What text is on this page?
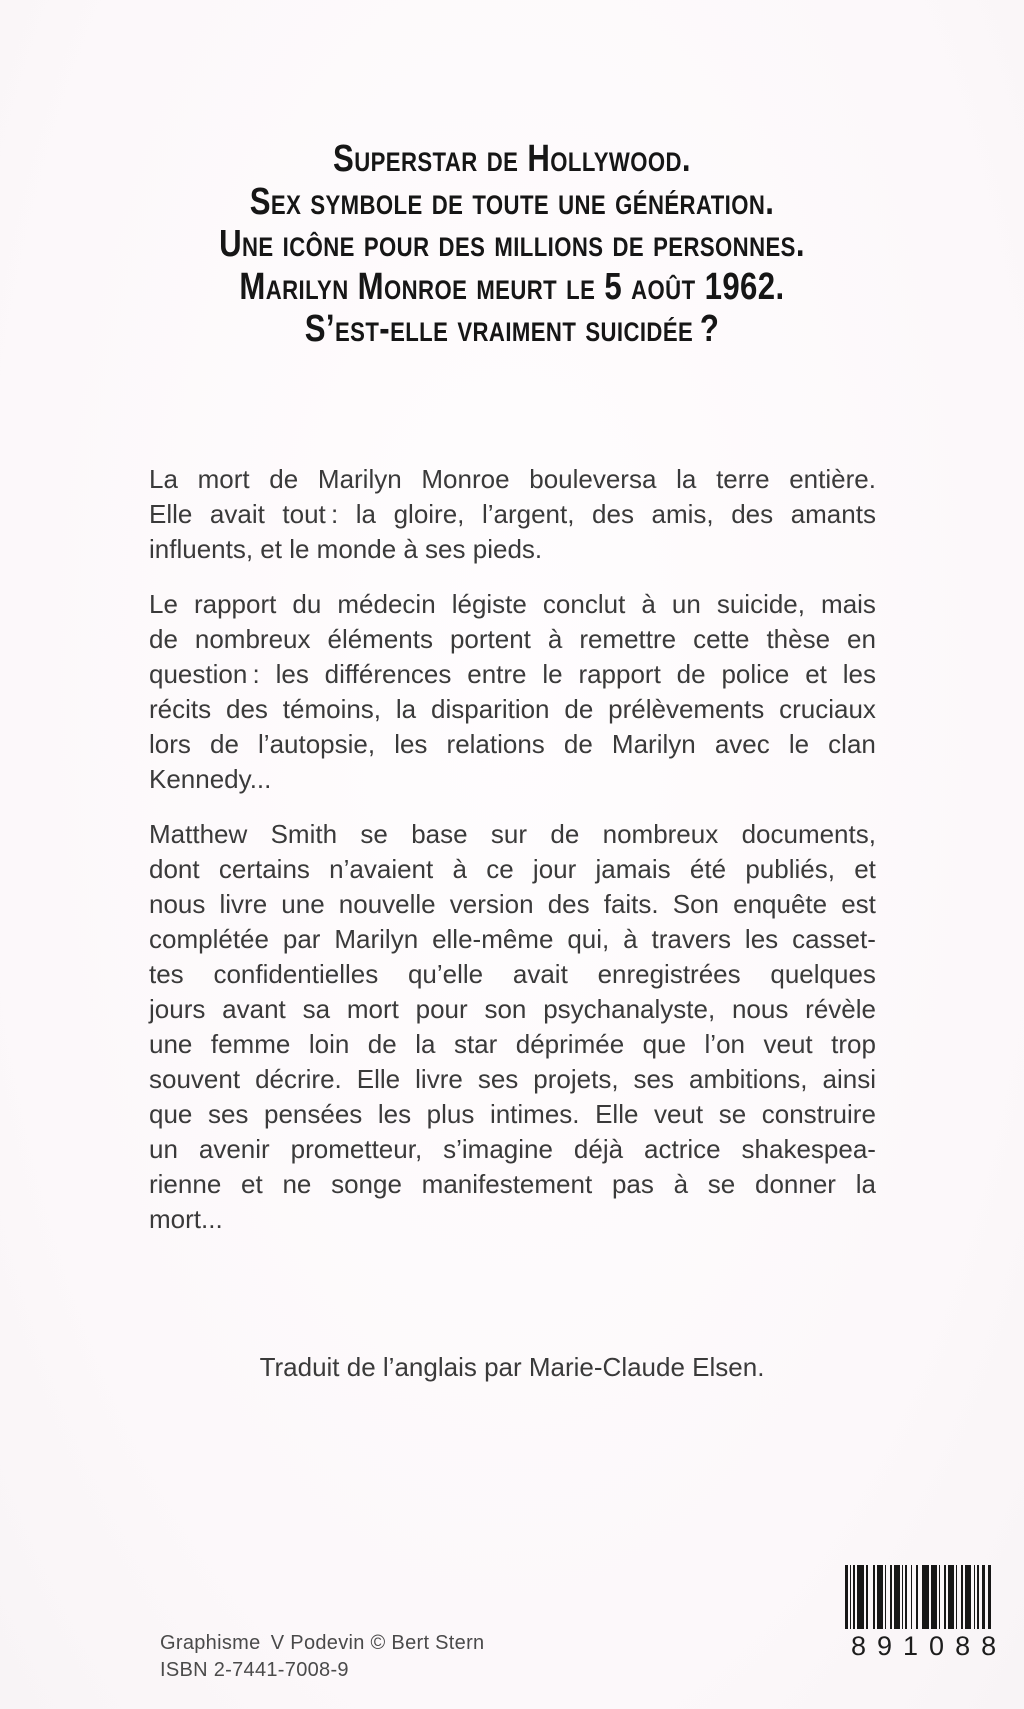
Superstar de Hollywood.
Sex symbole de toute une génération.
Une icône pour des millions de personnes.
Marilyn Monroe meurt le 5 août 1962.
S’est-elle vraiment suicidée ?
La mort de Marilyn Monroe bouleversa la terre entière.
Elle avait tout : la gloire, l’argent, des amis, des amants
influents, et le monde à ses pieds.
Le rapport du médecin légiste conclut à un suicide, mais
de nombreux éléments portent à remettre cette thèse en
question : les différences entre le rapport de police et les
récits des témoins, la disparition de prélèvements cruciaux
lors de l’autopsie, les relations de Marilyn avec le clan
Kennedy...
Matthew Smith se base sur de nombreux documents,
dont certains n’avaient à ce jour jamais été publiés, et
nous livre une nouvelle version des faits. Son enquête est
complétée par Marilyn elle-même qui, à travers les casset-
tes confidentielles qu’elle avait enregistrées quelques
jours avant sa mort pour son psychanalyste, nous révèle
une femme loin de la star déprimée que l’on veut trop
souvent décrire. Elle livre ses projets, ses ambitions, ainsi
que ses pensées les plus intimes. Elle veut se construire
un avenir prometteur, s’imagine déjà actrice shakespea-
rienne et ne songe manifestement pas à se donner la
mort...
Traduit de l’anglais par Marie-Claude Elsen.
Graphisme V Podevin © Bert Stern
ISBN 2-7441-7008-9
891088
